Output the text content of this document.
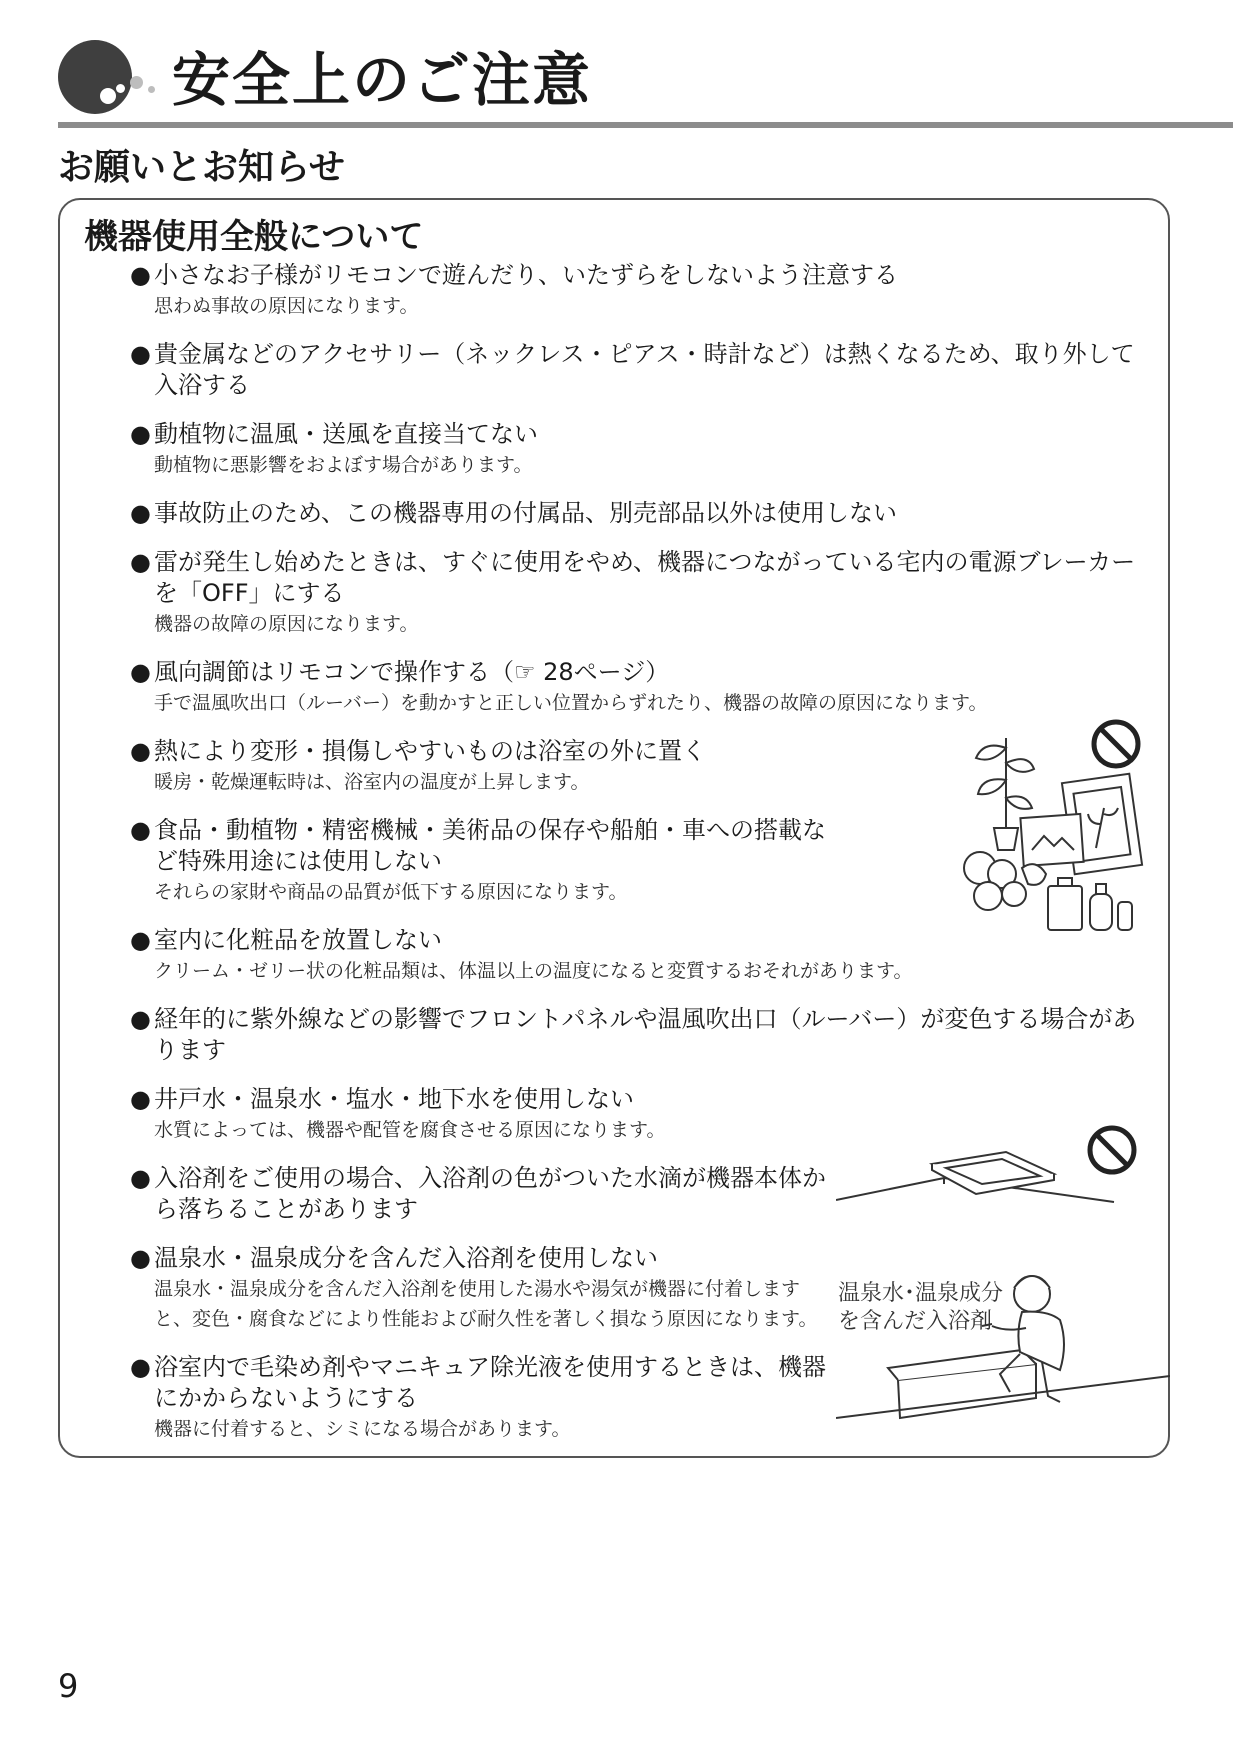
安全上のご注意
お願いとお知らせ
機器使用全般について
● 小さなお子様がリモコンで遊んだり、いたずらをしないよう注意する
思わぬ事故の原因になります。
● 貴金属などのアクセサリー（ネックレス・ピアス・時計など）は熱くなるため、取り外して入浴する
● 動植物に温風・送風を直接当てない
動植物に悪影響をおよぼす場合があります。
● 事故防止のため、この機器専用の付属品、別売部品以外は使用しない
● 雷が発生し始めたときは、すぐに使用をやめ、機器につながっている宅内の電源ブレーカーを「OFF」にする
機器の故障の原因になります。
● 風向調節はリモコンで操作する（☞ 28ページ）
手で温風吹出口（ルーバー）を動かすと正しい位置からずれたり、機器の故障の原因になります。
● 熱により変形・損傷しやすいものは浴室の外に置く
暖房・乾燥運転時は、浴室内の温度が上昇します。
● 食品・動植物・精密機械・美術品の保存や船舶・車への搭載など特殊用途には使用しない
それらの家財や商品の品質が低下する原因になります。
● 室内に化粧品を放置しない
クリーム・ゼリー状の化粧品類は、体温以上の温度になると変質するおそれがあります。
● 経年的に紫外線などの影響でフロントパネルや温風吹出口（ルーバー）が変色する場合があります
● 井戸水・温泉水・塩水・地下水を使用しない
水質によっては、機器や配管を腐食させる原因になります。
● 入浴剤をご使用の場合、入浴剤の色がついた水滴が機器本体から落ちることがあります
● 温泉水・温泉成分を含んだ入浴剤を使用しない
温泉水・温泉成分を含んだ入浴剤を使用した湯水や湯気が機器に付着しますと、変色・腐食などにより性能および耐久性を著しく損なう原因になります。
● 浴室内で毛染め剤やマニキュア除光液を使用するときは、機器にかからないようにする
機器に付着すると、シミになる場合があります。
温泉水･温泉成分
を含んだ入浴剤
9
